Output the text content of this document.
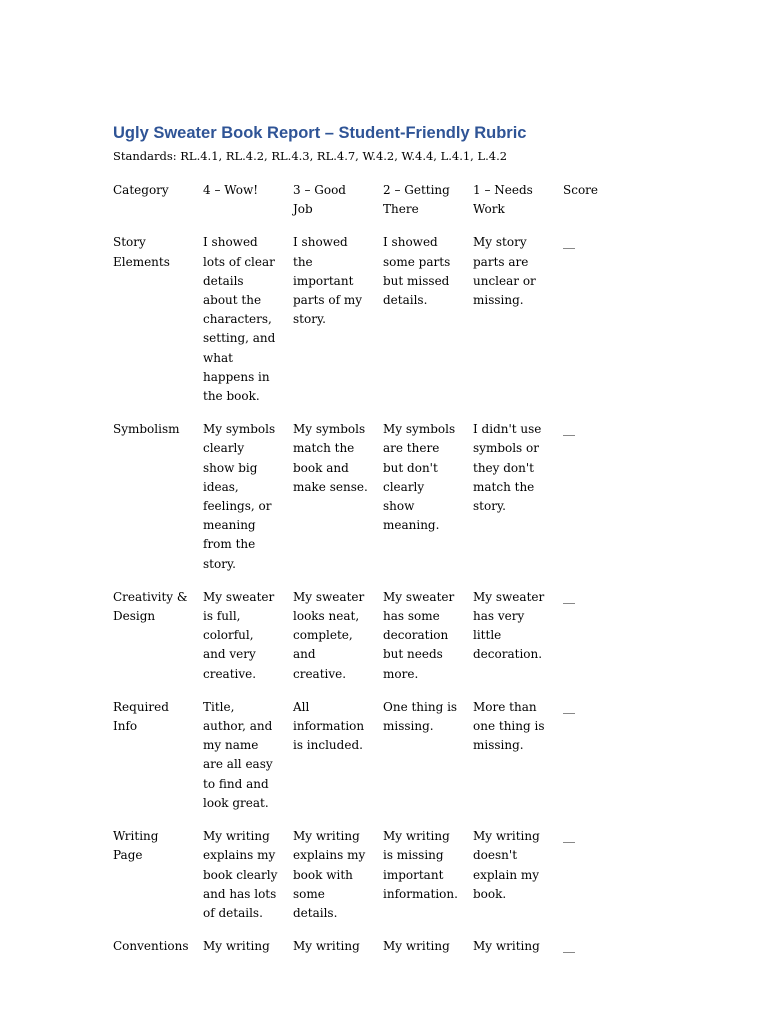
Ugly Sweater Book Report – Student-Friendly Rubric
Standards: RL.4.1, RL.4.2, RL.4.3, RL.4.7, W.4.2, W.4.4, L.4.1, L.4.2
Category	4 – Wow!	3 – Good Job	2 – Getting There	1 – Needs Work	Score
Story Elements	I showed lots of clear details about the characters, setting, and what happens in the book.	I showed the important parts of my story.	I showed some parts but missed details.	My story parts are unclear or missing.	__
Symbolism	My symbols clearly show big ideas, feelings, or meaning from the story.	My symbols match the book and make sense.	My symbols are there but don't clearly show meaning.	I didn't use symbols or they don't match the story.	__
Creativity & Design	My sweater is full, colorful, and very creative.	My sweater looks neat, complete, and creative.	My sweater has some decoration but needs more.	My sweater has very little decoration.	__
Required Info	Title, author, and my name are all easy to find and look great.	All information is included.	One thing is missing.	More than one thing is missing.	__
Writing Page	My writing explains my book clearly and has lots of details.	My writing explains my book with some details.	My writing is missing important information.	My writing doesn't explain my book.	__
Conventions	My writing	My writing	My writing	My writing	__
